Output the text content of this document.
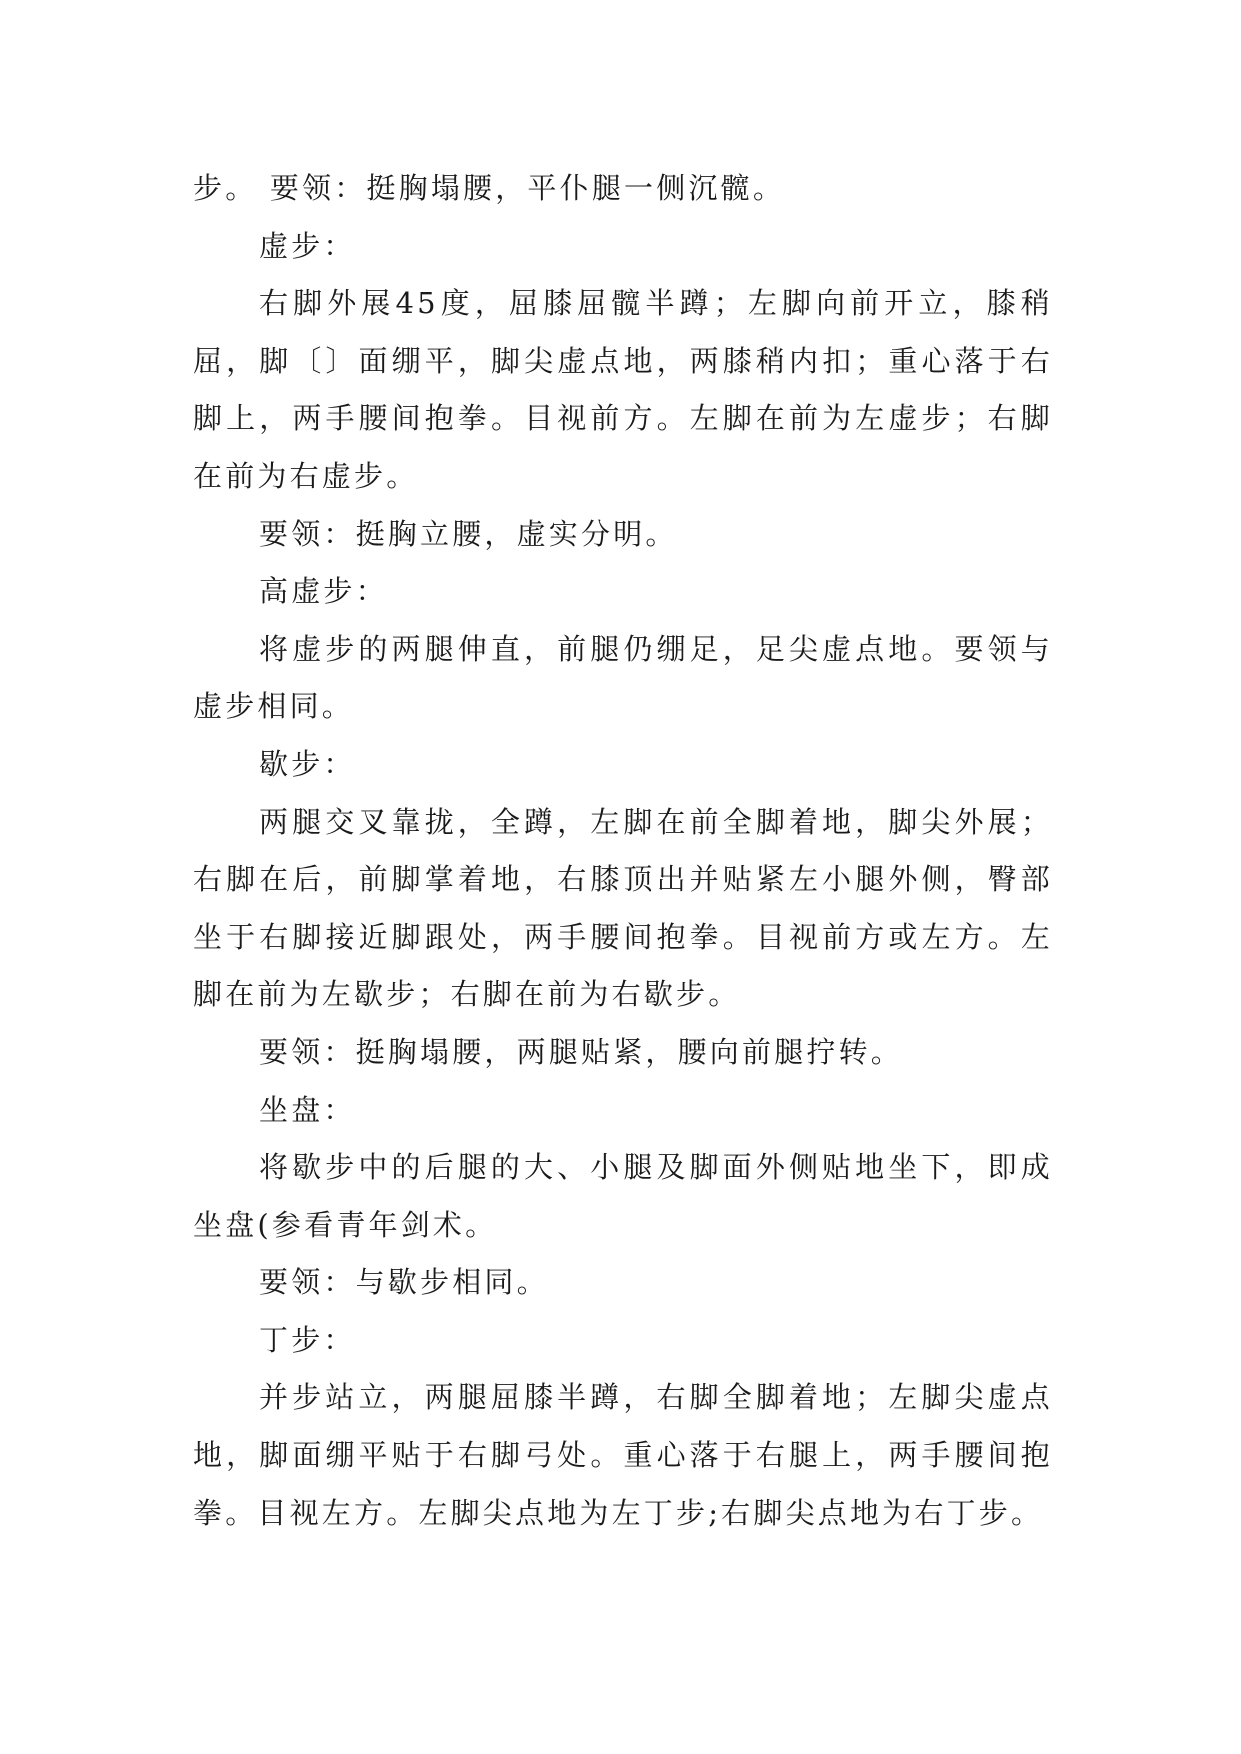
步。 要领：挺胸塌腰，平仆腿一侧沉髋。

虚步：

右脚外展45度，屈膝屈髋半蹲；左脚向前开立，膝稍屈，脚〔〕面绷平，脚尖虚点地，两膝稍内扣；重心落于右脚上，两手腰间抱拳。目视前方。左脚在前为左虚步；右脚在前为右虚步。

要领：挺胸立腰，虚实分明。

高虚步：

将虚步的两腿伸直，前腿仍绷足，足尖虚点地。要领与虚步相同。

歇步：

两腿交叉靠拢，全蹲，左脚在前全脚着地，脚尖外展；右脚在后，前脚掌着地，右膝顶出并贴紧左小腿外侧，臀部坐于右脚接近脚跟处，两手腰间抱拳。目视前方或左方。左脚在前为左歇步；右脚在前为右歇步。

要领：挺胸塌腰，两腿贴紧，腰向前腿拧转。

坐盘：

将歇步中的后腿的大、小腿及脚面外侧贴地坐下，即成坐盘(参看青年剑术。

要领：与歇步相同。

丁步：

并步站立，两腿屈膝半蹲，右脚全脚着地；左脚尖虚点地，脚面绷平贴于右脚弓处。重心落于右腿上，两手腰间抱拳。目视左方。左脚尖点地为左丁步;右脚尖点地为右丁步。
